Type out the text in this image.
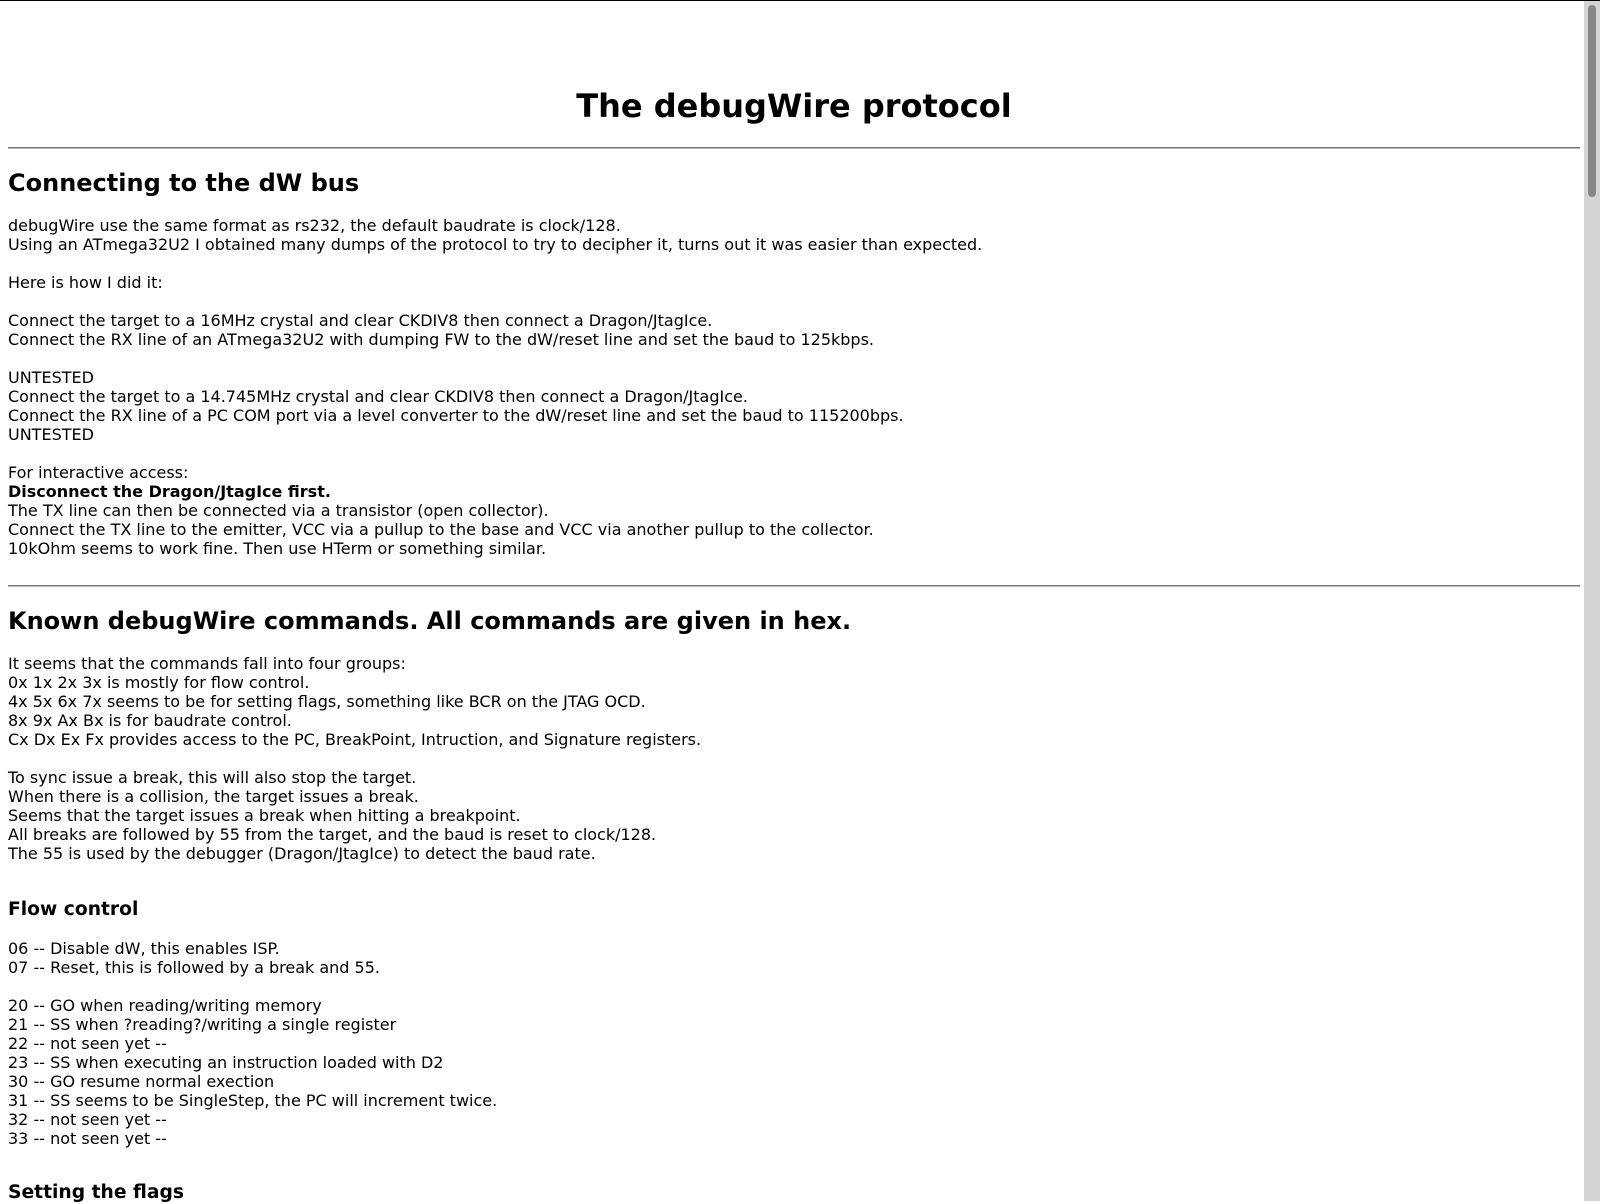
The debugWire protocol
Connecting to the dW bus
debugWire use the same format as rs232, the default baudrate is clock/128.
Using an ATmega32U2 I obtained many dumps of the protocol to try to decipher it, turns out it was easier than expected.
Here is how I did it:
Connect the target to a 16MHz crystal and clear CKDIV8 then connect a Dragon/JtagIce.
Connect the RX line of an ATmega32U2 with dumping FW to the dW/reset line and set the baud to 125kbps.
UNTESTED
Connect the target to a 14.745MHz crystal and clear CKDIV8 then connect a Dragon/JtagIce.
Connect the RX line of a PC COM port via a level converter to the dW/reset line and set the baud to 115200bps.
UNTESTED
For interactive access:
Disconnect the Dragon/JtagIce first.
The TX line can then be connected via a transistor (open collector).
Connect the TX line to the emitter, VCC via a pullup to the base and VCC via another pullup to the collector.
10kOhm seems to work fine. Then use HTerm or something similar.
Known debugWire commands. All commands are given in hex.
It seems that the commands fall into four groups:
0x 1x 2x 3x is mostly for flow control.
4x 5x 6x 7x seems to be for setting flags, something like BCR on the JTAG OCD.
8x 9x Ax Bx is for baudrate control.
Cx Dx Ex Fx provides access to the PC, BreakPoint, Intruction, and Signature registers.
To sync issue a break, this will also stop the target.
When there is a collision, the target issues a break.
Seems that the target issues a break when hitting a breakpoint.
All breaks are followed by 55 from the target, and the baud is reset to clock/128.
The 55 is used by the debugger (Dragon/JtagIce) to detect the baud rate.
Flow control
06 -- Disable dW, this enables ISP.
07 -- Reset, this is followed by a break and 55.
20 -- GO when reading/writing memory
21 -- SS when ?reading?/writing a single register
22 -- not seen yet --
23 -- SS when executing an instruction loaded with D2
30 -- GO resume normal exection
31 -- SS seems to be SingleStep, the PC will increment twice.
32 -- not seen yet --
33 -- not seen yet --
Setting the flags
